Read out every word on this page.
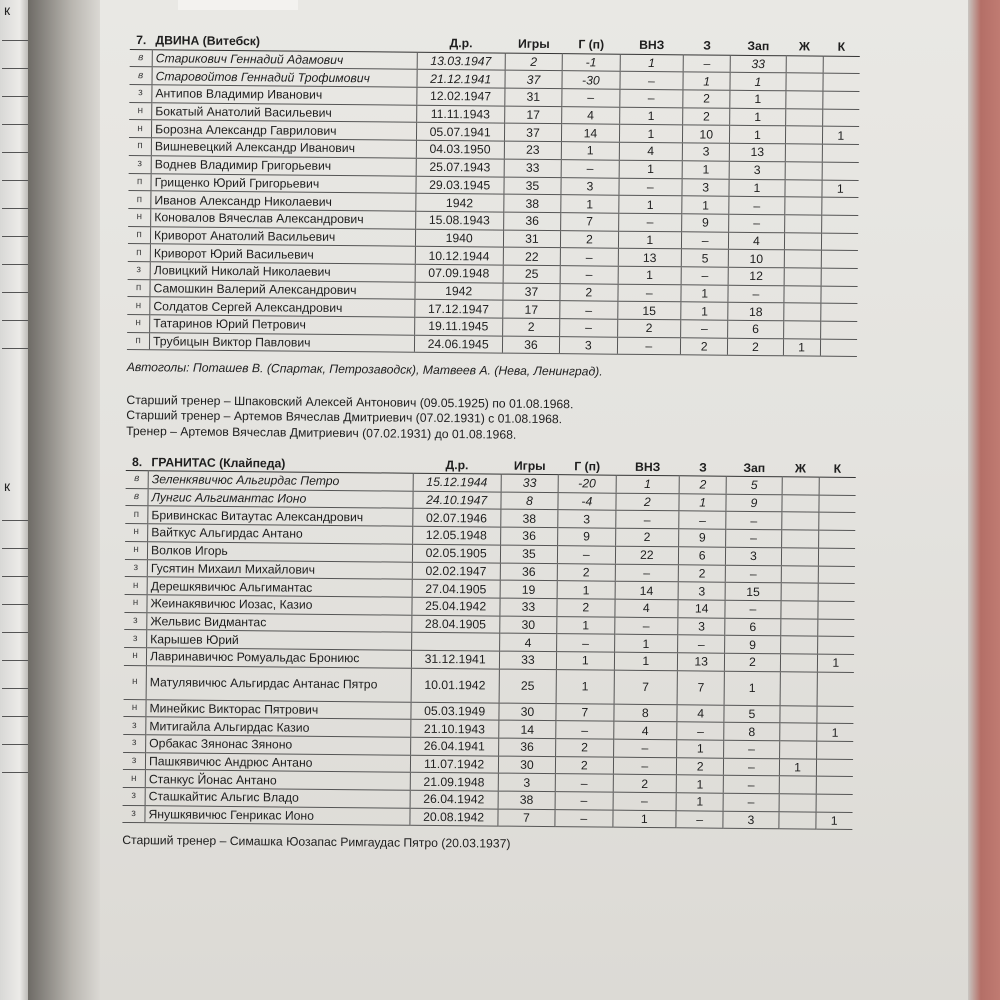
к
к
7.	ДВИНА (Витебск)	Д.р.	Игры	Г (п)	ВНЗ	З	Зап	Ж	К
в	Старикович Геннадий Адамович	13.03.1947	2	-1	1	–	33		
в	Старовойтов Геннадий Трофимович	21.12.1941	37	-30	–	1	1		
з	Антипов Владимир Иванович	12.02.1947	31	–	–	2	1		
н	Бокатый Анатолий Васильевич	11.11.1943	17	4	1	2	1		
н	Борозна Александр Гаврилович	05.07.1941	37	14	1	10	1		1
п	Вишневецкий Александр Иванович	04.03.1950	23	1	4	3	13		
з	Воднев Владимир Григорьевич	25.07.1943	33	–	1	1	3		
п	Грищенко Юрий Григорьевич	29.03.1945	35	3	–	3	1		1
п	Иванов Александр Николаевич	1942	38	1	1	1	–		
н	Коновалов Вячеслав Александрович	15.08.1943	36	7	–	9	–		
п	Криворот Анатолий Васильевич	1940	31	2	1	–	4		
п	Криворот Юрий Васильевич	10.12.1944	22	–	13	5	10		
з	Ловицкий Николай Николаевич	07.09.1948	25	–	1	–	12		
п	Самошкин Валерий Александрович	1942	37	2	–	1	–		
н	Солдатов Сергей Александрович	17.12.1947	17	–	15	1	18		
н	Татаринов Юрий Петрович	19.11.1945	2	–	2	–	6		
п	Трубицын Виктор Павлович	24.06.1945	36	3	–	2	2	1	

Автоголы: Поташев В. (Спартак, Петрозаводск), Матвеев А. (Нева, Ленинград).

Старший тренер – Шпаковский Алексей Антонович (09.05.1925) по 01.08.1968.

Старший тренер – Артемов Вячеслав Дмитриевич (07.02.1931) с 01.08.1968.

Тренер – Артемов Вячеслав Дмитриевич (07.02.1931) до 01.08.1968.

8.	ГРАНИТАС (Клайпеда)	Д.р.	Игры	Г (п)	ВНЗ	З	Зап	Ж	К
в	Зеленкявичюс Альгирдас Петро	15.12.1944	33	-20	1	2	5		
в	Лунгис Альгимантас Ионо	24.10.1947	8	-4	2	1	9		
п	Бривинскас Витаутас Александрович	02.07.1946	38	3	–	–	–		
н	Вайткус Альгирдас Антано	12.05.1948	36	9	2	9	–		
н	Волков Игорь	02.05.1905	35	–	22	6	3		
з	Гусятин Михаил Михайлович	02.02.1947	36	2	–	2	–		
н	Дерешкявичюс Альгимантас	27.04.1905	19	1	14	3	15		
н	Жеинакявичюс Иозас, Казио	25.04.1942	33	2	4	14	–		
з	Жельвис Видмантас	28.04.1905	30	1	–	3	6		
з	Карышев Юрий		4	–	1	–	9		
н	Лавринавичюс Ромуальдас Брониюс	31.12.1941	33	1	1	13	2		1
н	Матулявичюс Альгирдас Антанас Пятро	10.01.1942	25	1	7	7	1		
н	Минейкис Викторас Пятрович	05.03.1949	30	7	8	4	5		
з	Митигайла Альгирдас Казио	21.10.1943	14	–	4	–	8		1
з	Орбакас Зянонас Зяноно	26.04.1941	36	2	–	1	–		
з	Пашкявичюс Андрюс Антано	11.07.1942	30	2	–	2	–	1	
н	Станкус Йонас Антано	21.09.1948	3	–	2	1	–		
з	Сташкайтис Альгис Владо	26.04.1942	38	–	–	1	–		
з	Янушкявичюс Генрикас Ионо	20.08.1942	7	–	1	–	3		1

Старший тренер – Симашка Юозапас Римгаудас Пятро (20.03.1937)
